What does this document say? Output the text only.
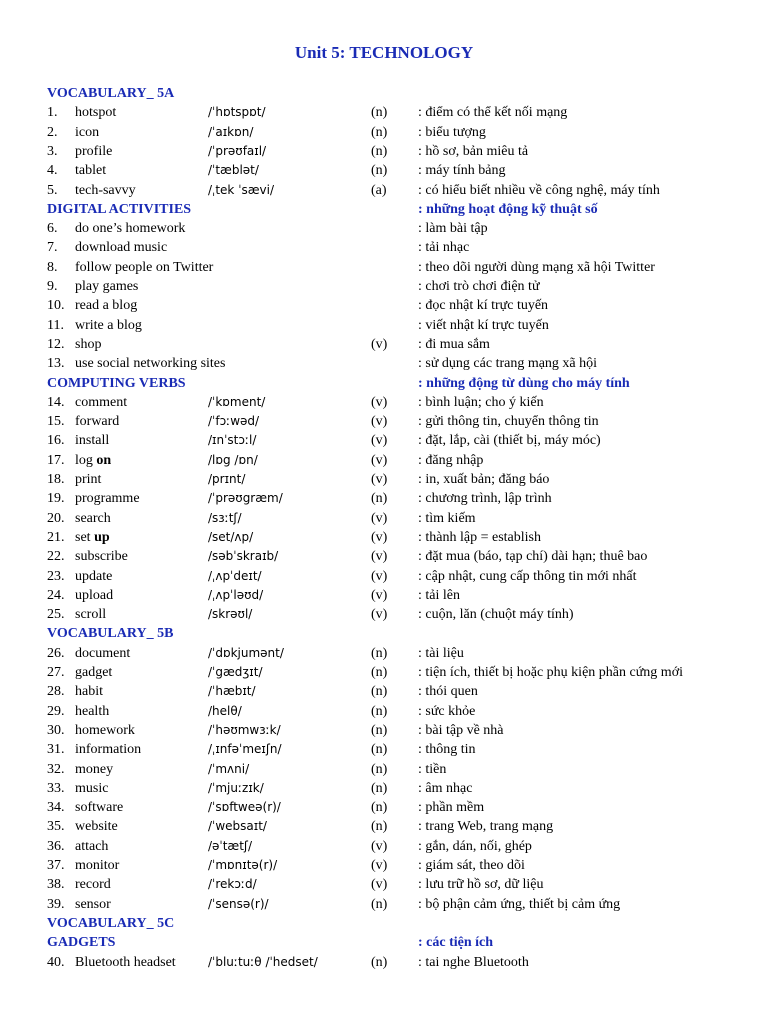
Unit 5: TECHNOLOGY
VOCABULARY_ 5A
1. hotspot	/ˈhɒtspɒt/	(n) : điểm có thể kết nối mạng
2. icon	/ˈaɪkɒn/	(n) : biểu tượng
3. profile	/ˈprəʊfaɪl/	(n) : hồ sơ, bản miêu tả
4. tablet	/ˈtæblət/	(n) : máy tính bảng
5. tech-savvy	/ˌtek ˈsævi/	(a) : có hiểu biết nhiều về công nghệ, máy tính
DIGITAL ACTIVITIES	: những hoạt động kỹ thuật số
6. do one’s homework	: làm bài tập
7. download music	: tải nhạc
8. follow people on Twitter	: theo dõi người dùng mạng xã hội Twitter
9. play games	: chơi trò chơi điện tử
10. read a blog	: đọc nhật kí trực tuyến
11. write a blog	: viết nhật kí trực tuyến
12. shop	(v) : đi mua sắm
13. use social networking sites	: sử dụng các trang mạng xã hội
COMPUTING VERBS	: những động từ dùng cho máy tính
14. comment	/ˈkɒment/	(v) : bình luận; cho ý kiến
15. forward	/ˈfɔːwəd/	(v) : gửi thông tin, chuyển thông tin
16. install	/ɪnˈstɔːl/	(v) : đặt, lắp, cài (thiết bị, máy móc)
17. log on	/lɒg /ɒn/	(v) : đăng nhập
18. print	/prɪnt/	(v) : in, xuất bản; đăng báo
19. programme	/ˈprəʊgræm/	(n) : chương trình, lập trình
20. search	/sɜːtʃ/	(v) : tìm kiếm
21. set up	/set/ʌp/	(v) : thành lập = establish
22. subscribe	/səbˈskraɪb/	(v) : đặt mua (báo, tạp chí) dài hạn; thuê bao
23. update	/ˌʌpˈdeɪt/	(v) : cập nhật, cung cấp thông tin mới nhất
24. upload	/ˌʌpˈləʊd/	(v) : tải lên
25. scroll	/skrəʊl/	(v) : cuộn, lăn (chuột máy tính)
VOCABULARY_ 5B
26. document	/ˈdɒkjumənt/	(n) : tài liệu
27. gadget	/ˈgædʒɪt/	(n) : tiện ích, thiết bị hoặc phụ kiện phần cứng mới
28. habit	/ˈhæbɪt/	(n) : thói quen
29. health	/helθ/	(n) : sức khỏe
30. homework	/ˈhəʊmwɜːk/	(n) : bài tập về nhà
31. information	/ˌɪnfəˈmeɪʃn/	(n) : thông tin
32. money	/ˈmʌni/	(n) : tiền
33. music	/ˈmjuːzɪk/	(n) : âm nhạc
34. software	/ˈsɒftweə(r)/	(n) : phần mềm
35. website	/ˈwebsaɪt/	(n) : trang Web, trang mạng
36. attach	/əˈtætʃ/	(v) : gắn, dán, nối, ghép
37. monitor	/ˈmɒnɪtə(r)/	(v) : giám sát, theo dõi
38. record	/ˈrekɔːd/	(v) : lưu trữ hồ sơ, dữ liệu
39. sensor	/ˈsensə(r)/	(n) : bộ phận cảm ứng, thiết bị cảm ứng
VOCABULARY_ 5C
GADGETS	: các tiện ích
40. Bluetooth headset	/ˈbluːtuːθ /ˈhedset/	(n) : tai nghe Bluetooth
